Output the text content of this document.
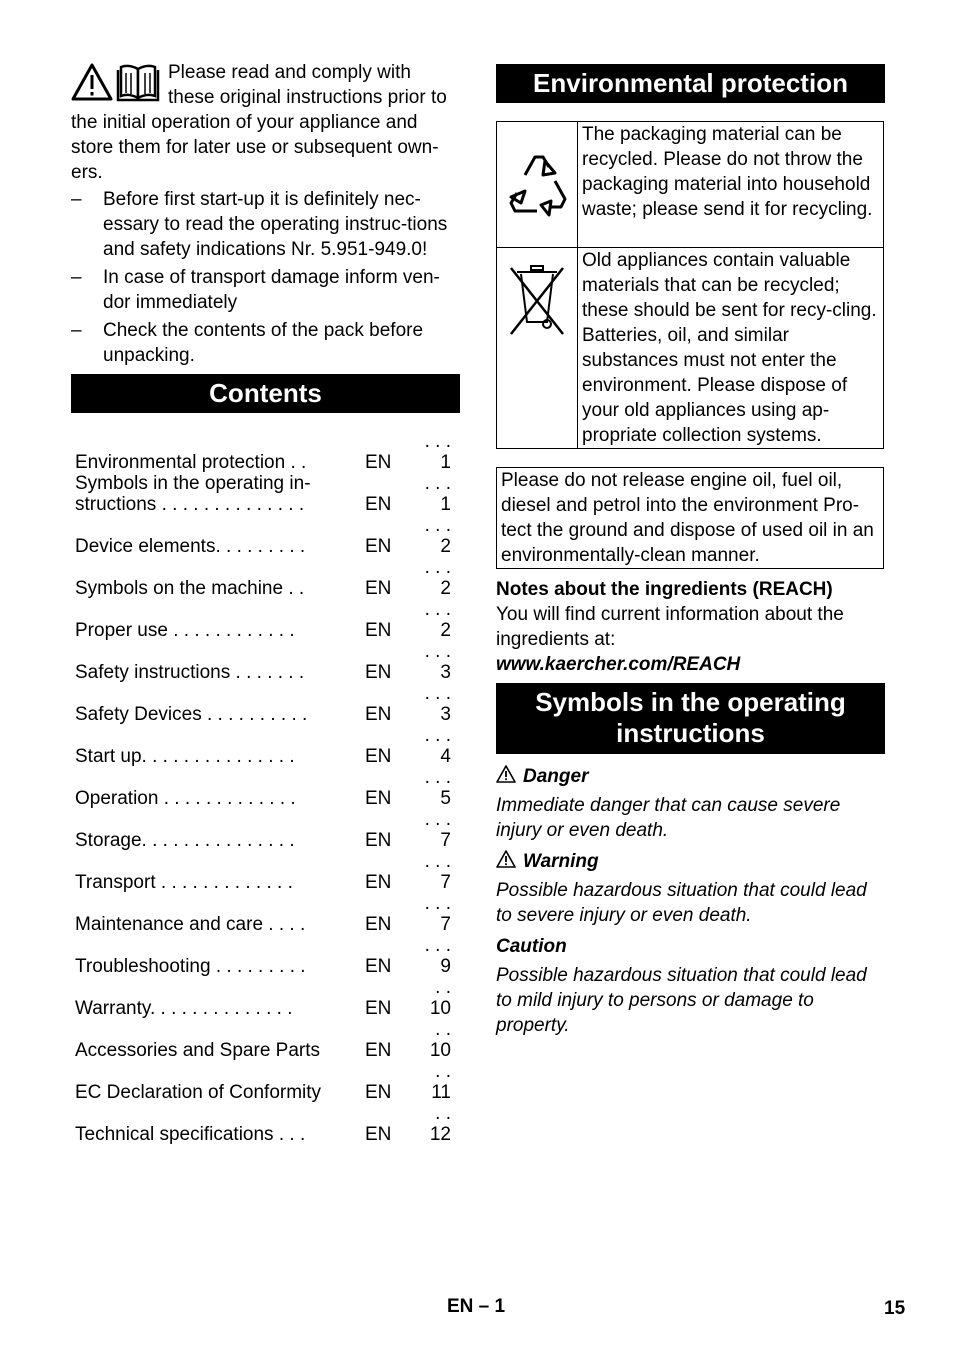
Please read and comply with these original instructions prior to the initial operation of your appliance and store them for later use or subsequent own-ers.
– Before first start-up it is definitely nec-essary to read the operating instruc-tions and safety indications Nr. 5.951-949.0!
– In case of transport damage inform ven-dor immediately
– Check the contents of the pack before unpacking.
Contents
Environmental protection . .	EN	. . . 1
Symbols in the operating in-structions . . . . . . . . . . . . . .	EN	. . . 1
Device elements. . . . . . . . .	EN	. . . 2
Symbols on the machine . .	EN	. . . 2
Proper use . . . . . . . . . . . .	EN	. . . 2
Safety instructions . . . . . . .	EN	. . . 3
Safety Devices . . . . . . . . . .	EN	. . . 3
Start up. . . . . . . . . . . . . . .	EN	. . . 4
Operation . . . . . . . . . . . . .	EN	. . . 5
Storage. . . . . . . . . . . . . . .	EN	. . . 7
Transport . . . . . . . . . . . . .	EN	. . . 7
Maintenance and care . . . .	EN	. . . 7
Troubleshooting . . . . . . . . .	EN	. . . 9
Warranty. . . . . . . . . . . . . .	EN	. . 10
Accessories and Spare Parts	EN	. . 10
EC Declaration of Conformity	EN	. . 11
Technical specifications . . .	EN	. . 12
Environmental protection
	The packaging material can be recycled. Please do not throw the packaging material into household waste; please send it for recycling.

	Old appliances contain valuable materials that can be recycled; these should be sent for recy-cling. Batteries, oil, and similar substances must not enter the environment. Please dispose of your old appliances using ap-propriate collection systems.
Please do not release engine oil, fuel oil, diesel and petrol into the environment Pro-tect the ground and dispose of used oil in an environmentally-clean manner.
Notes about the ingredients (REACH)
You will find current information about the ingredients at:
www.kaercher.com/REACH
Symbols in the operating
instructions
Danger
Immediate danger that can cause severe injury or even death.
Warning
Possible hazardous situation that could lead to severe injury or even death.
Caution
Possible hazardous situation that could lead to mild injury to persons or damage to property.
EN – 1	15
